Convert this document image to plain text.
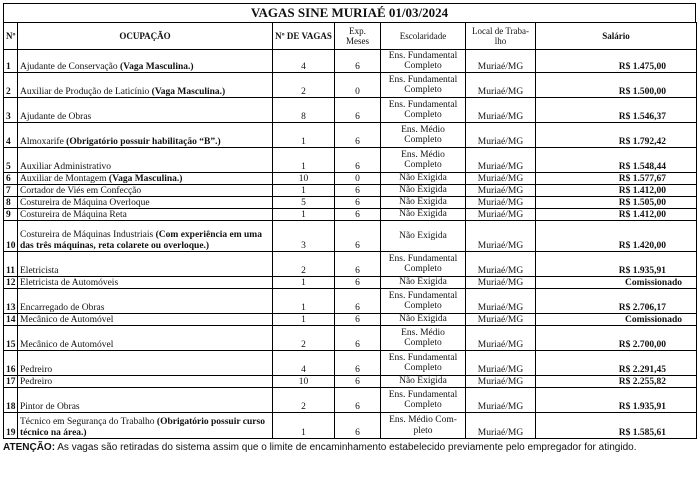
VAGAS SINE MURIAÉ 01/03/2024
Nº	OCUPAÇÃO	Nº DE VAGAS	Exp. Meses	Escolaridade	Local de Traba-lho	Salário
1	Ajudante de Conservação (Vaga Masculina.)	4	6	Ens. Fundamental Completo	Muriaé/MG	R$ 1.475,00
2	Auxiliar de Produção de Laticínio (Vaga Masculina.)	2	0	Ens. Fundamental Completo	Muriaé/MG	R$ 1.500,00
3	Ajudante de Obras	8	6	Ens. Fundamental Completo	Muriaé/MG	R$ 1.546,37
4	Almoxarife (Obrigatório possuir habilitação “B”.)	1	6	Ens. Médio Completo	Muriaé/MG	R$ 1.792,42
5	Auxiliar Administrativo	1	6	Ens. Médio Completo	Muriaé/MG	R$ 1.548,44
6	Auxiliar de Montagem (Vaga Masculina.)	10	0	Não Exigida	Muriaé/MG	R$ 1.577,67
7	Cortador de Viés em Confecção	1	6	Não Exigida	Muriaé/MG	R$ 1.412,00
8	Costureira de Máquina Overloque	5	6	Não Exigida	Muriaé/MG	R$ 1.505,00
9	Costureira de Máquina Reta	1	6	Não Exigida	Muriaé/MG	R$ 1.412,00
10	Costureira de Máquinas Industriais (Com experiência em uma das três máquinas, reta colarete ou overloque.)	3	6	Não Exigida	Muriaé/MG	R$ 1.420,00
11	Eletricista	2	6	Ens. Fundamental Completo	Muriaé/MG	R$ 1.935,91
12	Eletricista de Automóveis	1	6	Não Exigida	Muriaé/MG	Comissionado
13	Encarregado de Obras	1	6	Ens. Fundamental Completo	Muriaé/MG	R$ 2.706,17
14	Mecânico de Automóvel	1	6	Não Exigida	Muriaé/MG	Comissionado
15	Mecânico de Automóvel	2	6	Ens. Médio Completo	Muriaé/MG	R$ 2.700,00
16	Pedreiro	4	6	Ens. Fundamental Completo	Muriaé/MG	R$ 2.291,45
17	Pedreiro	10	6	Não Exigida	Muriaé/MG	R$ 2.255,82
18	Pintor de Obras	2	6	Ens. Fundamental Completo	Muriaé/MG	R$ 1.935,91
19	Técnico em Segurança do Trabalho (Obrigatório possuir curso técnico na área.)	1	6	Ens. Médio Com-pleto	Muriaé/MG	R$ 1.585,61
ATENÇÃO: As vagas são retiradas do sistema assim que o limite de encaminhamento estabelecido previamente pelo empregador for atingido.
